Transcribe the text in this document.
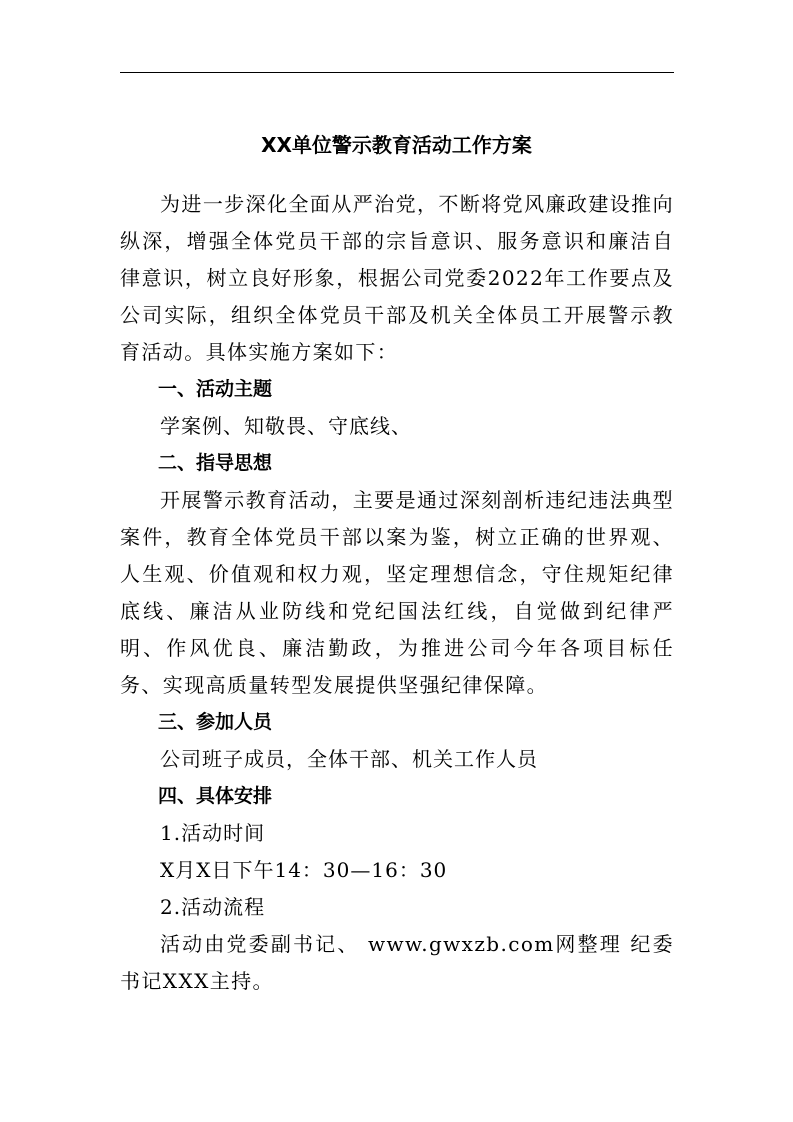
XX单位警示教育活动工作方案

为进一步深化全面从严治党，不断将党风廉政建设推向纵深，增强全体党员干部的宗旨意识、服务意识和廉洁自律意识，树立良好形象，根据公司党委2022年工作要点及公司实际，组织全体党员干部及机关全体员工开展警示教育活动。具体实施方案如下：

一、活动主题

学案例、知敬畏、守底线、

二、指导思想

开展警示教育活动，主要是通过深刻剖析违纪违法典型案件，教育全体党员干部以案为鉴，树立正确的世界观、人生观、价值观和权力观，坚定理想信念，守住规矩纪律底线、廉洁从业防线和党纪国法红线，自觉做到纪律严明、作风优良、廉洁勤政，为推进公司今年各项目标任务、实现高质量转型发展提供坚强纪律保障。

三、参加人员

公司班子成员，全体干部、机关工作人员

四、具体安排

1.活动时间

X月X日下午14：30—16：30

2.活动流程

活动由党委副书记、 www.gwxzb.com网整理 纪委书记XXX主持。
